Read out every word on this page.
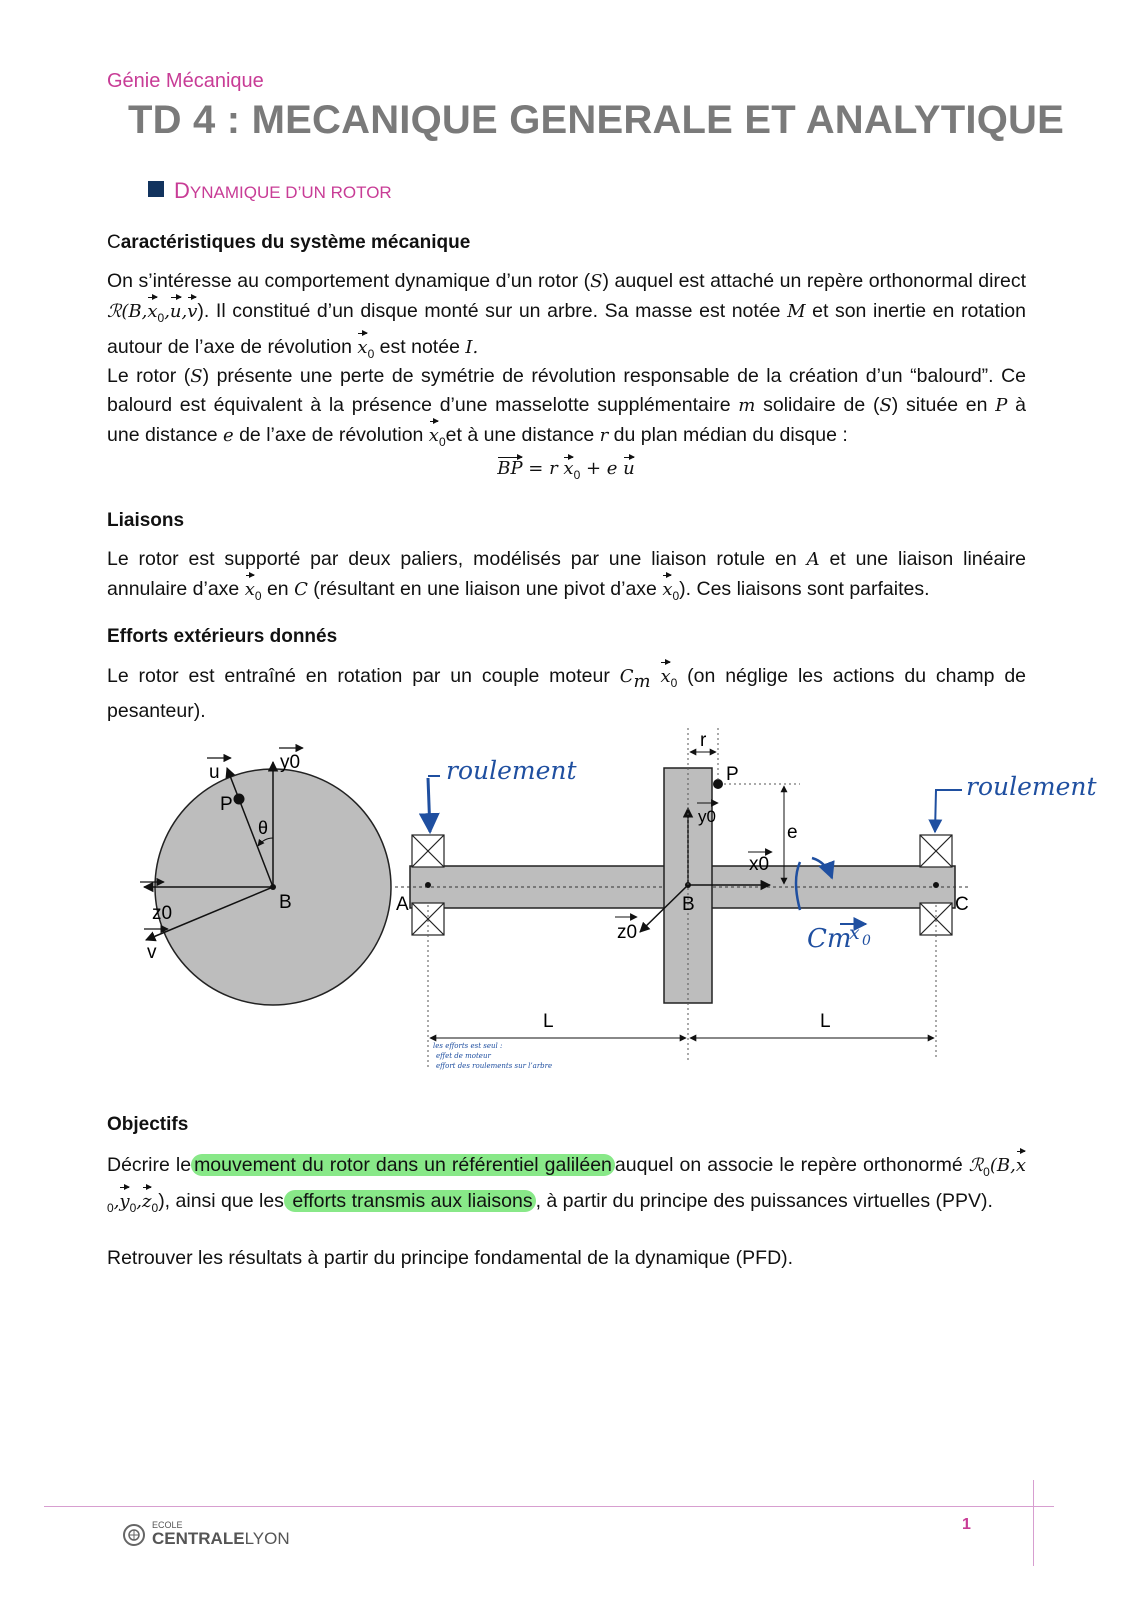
Génie Mécanique
TD 4 : MECANIQUE GENERALE ET ANALYTIQUE
DYNAMIQUE D’UN ROTOR
Caractéristiques du système mécanique
On s’intéresse au comportement dynamique d’un rotor (S) auquel est attaché un repère orthonormal direct $ℛ(B,x_0,u,v)$. Il constitué d’un disque monté sur un arbre. Sa masse est notée M et son inertie en rotation autour de l’axe de révolution $x_0$ est notée I.
Le rotor (S) présente une perte de symétrie de révolution responsable de la création d’un “balourd”. Ce balourd est équivalent à la présence d’une masselotte supplémentaire m solidaire de (S) située en P à une distance e de l’axe de révolution $x_0et$ à une distance r du plan médian du disque :
BP = r $x_0 + e$ u
Liaisons
Le rotor est supporté par deux paliers, modélisés par une liaison rotule en A et une liaison linéaire annulaire d’axe $x_0$ en C (résultant en une liaison une pivot d’axe $x_0$). Ces liaisons sont parfaites.
Efforts extérieurs donnés
Le rotor est entraîné en rotation par un couple moteur $C_m$ $x_0$ (on néglige les actions du champ de pesanteur).
u	y0
P
θ
B
z0
v
r
P
y0
e
x0
A	B
z0
C
L	L
roulement
roulement
Cm
x 0
les efforts est seul :
effet de moteur
effort des roulements sur l’arbre
Objectifs
Décrire le mouvement du rotor dans un référentiel galiléen auquel on associe le repère orthonormé $ℛ_0(B,x_0,y_0,z_0)$, ainsi que les efforts transmis aux liaisons , à partir du principe des puissances virtuelles (PPV).
Retrouver les résultats à partir du principe fondamental de la dynamique (PFD).
ECOLE
CENTRALELYON
1
